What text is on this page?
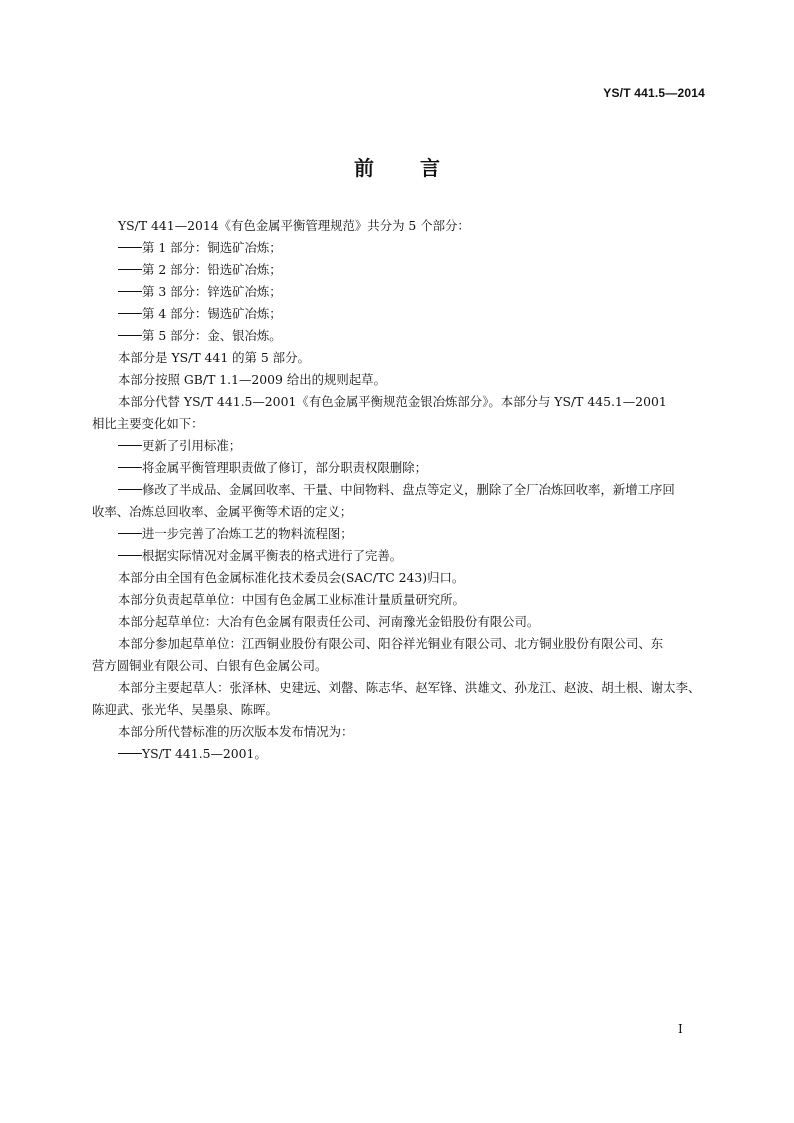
YS/T 441.5—2014
前 言

YS/T 441—2014《有色金属平衡管理规范》共分为 5 个部分：

第 1 部分：铜选矿冶炼；

第 2 部分：铅选矿冶炼；

第 3 部分：锌选矿冶炼；

第 4 部分：锡选矿冶炼；

第 5 部分：金、银冶炼。

本部分是 YS/T 441 的第 5 部分。

本部分按照 GB/T 1.1—2009 给出的规则起草。

本部分代替 YS/T 441.5—2001《有色金属平衡规范金银冶炼部分》。本部分与 YS/T 445.1—2001

相比主要变化如下：

更新了引用标准；

将金属平衡管理职责做了修订，部分职责权限删除；

修改了半成品、金属回收率、干量、中间物料、盘点等定义，删除了全厂冶炼回收率，新增工序回

收率、冶炼总回收率、金属平衡等术语的定义；

进一步完善了冶炼工艺的物料流程图；

根据实际情况对金属平衡表的格式进行了完善。

本部分由全国有色金属标准化技术委员会(SAC/TC 243)归口。

本部分负责起草单位：中国有色金属工业标准计量质量研究所。

本部分起草单位：大冶有色金属有限责任公司、河南豫光金铅股份有限公司。

本部分参加起草单位：江西铜业股份有限公司、阳谷祥光铜业有限公司、北方铜业股份有限公司、东

营方圆铜业有限公司、白银有色金属公司。

本部分主要起草人：张泽林、史建远、刘罄、陈志华、赵军锋、洪雄文、孙龙江、赵波、胡土根、谢太李、

陈迎武、张光华、吴墨泉、陈晖。

本部分所代替标准的历次版本发布情况为：

YS/T 441.5—2001。

I
